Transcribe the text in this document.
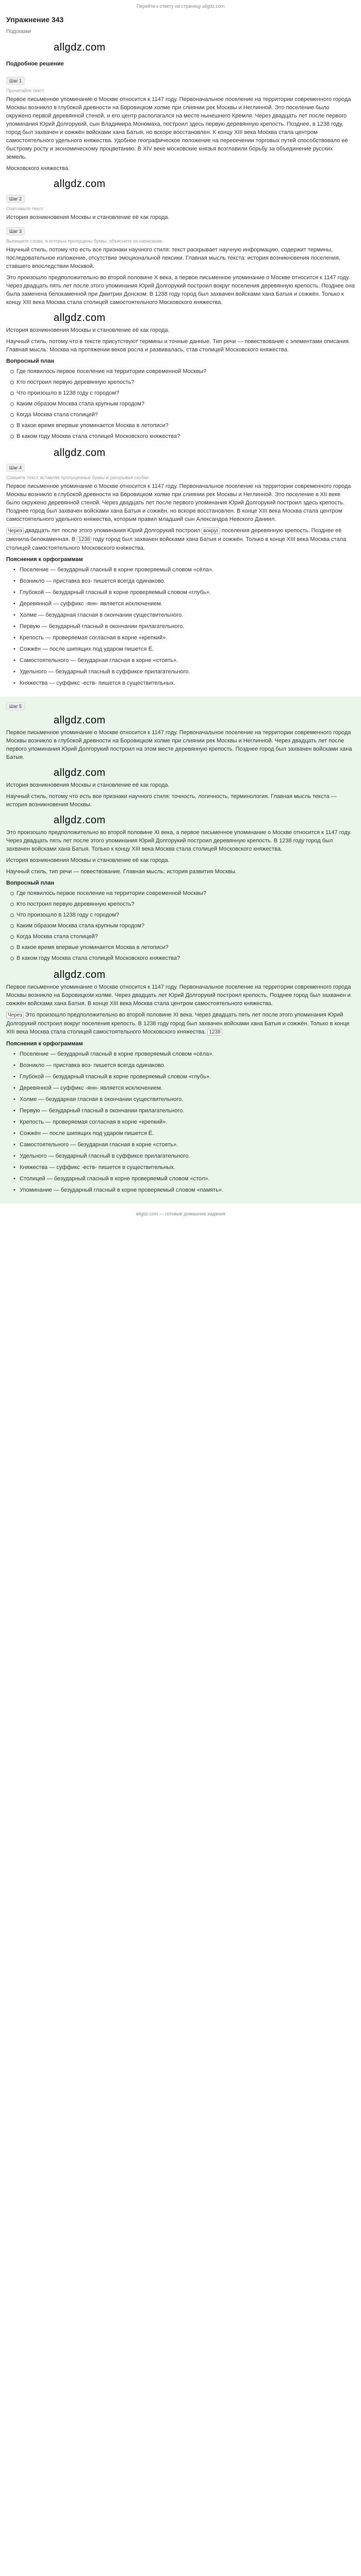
Перейти к ответу на страницу allgdz.com
Упражнение 343
Подсказки
allgdz.com
Подробное решение
Шаг 1
Прочитайте текст.

Первое письменное упоминание о Москве относится к 1147 году. Первоначальное поселение на территории современного города Москвы возникло в глубокой древности на Боровицком холме при слиянии рек Москвы и Неглинной. Это поселение было окружено первой деревянной стеной, и его центр располагался на месте нынешнего Кремля. Через двадцать лет после первого упоминания Юрий Долгорукий, сын Владимира Мономаха, построил здесь первую деревянную крепость. Позднее, в 1238 году, город был захвачен и сожжён войсками хана Батыя, но вскоре восстановлен. К концу XIII века Москва стала центром самостоятельного удельного княжества. Удобное географическое положение на пересечении торговых путей способствовало её быстрому росту и экономическому процветанию. В XIV веке московские князья возглавили борьбу за объединение русских земель.

Московского княжества.

allgdz.com
Шаг 2
Озаглавьте текст.

История возникновения Москвы и становление её как города.

Шаг 3
Выпишите слова, в которых пропущены буквы, объясните их написание.

Научный стиль, потому что есть все признаки научного стиля: текст раскрывает научную информацию, содержит термины, последовательное изложение, отсутствие эмоциональной лексики. Главная мысль текста: история возникновения поселения, ставшего впоследствии Москвой.

Это произошло предположительно во второй половине X века, а первое письменное упоминание о Москве относится к 1147 году. Через двадцать пять лет после этого упоминания Юрий Долгорукий построил вокруг поселения деревянную крепость. Позднее она была заменена белокаменной при Дмитрии Донском. В 1238 году город был захвачен войсками хана Батыя и сожжён. Только к концу XIII века Москва стала столицей самостоятельного Московского княжества.

allgdz.com

История возникновения Москвы и становление её как города.

Научный стиль, потому что в тексте присутствуют термины и точные данные. Тип речи — повествование с элементами описания. Главная мысль: Москва на протяжении веков росла и развивалась, став столицей Московского княжества.

Вопросный план
Где появилось первое поселение на территории современной Москвы?
Кто построил первую деревянную крепость?
Что произошло в 1238 году с городом?
Каким образом Москва стала крупным городом?
Когда Москва стала столицей?
В какое время впервые упоминается Москва в летописи?
В каком году Москва стала столицей Московского княжества?
allgdz.com
Шаг 4
Спишите текст, вставляя пропущенные буквы и раскрывая скобки.

Первое письменное упоминание о Москве относится к 1147 году. Первоначальное поселение на территории современного города Москвы возникло в глубокой древности на Боровицком холме при слиянии рек Москвы и Неглинной. Это поселение в XII веке было окружено деревянной стеной. Через двадцать лет после первого упоминания Юрий Долгорукий построил здесь крепость. Позднее город был захвачен войсками хана Батыя и сожжён, но вскоре восстановлен. В конце XIII века Москва стала центром самостоятельного удельного княжества, которым правил младший сын Александра Невского Даниил.

Через двадцать лет после этого упоминания Юрий Долгорукий построил вокруг поселения деревянную крепость. Позднее её сменила белокаменная. В 1238 году город был захвачен войсками хана Батыя и сожжён. Только в конце XIII века Москва стала столицей самостоятельного Московского княжества.

Пояснения к орфограммам
• Поселение — безударный гласный в корне проверяемый словом «сёла».
• Возникло — приставка воз- пишется всегда одинаково.
• Глубокой — безударный гласный в корне проверяемый словом «глубь».
• Деревянной — суффикс -янн- является исключением.
• Холме — безударная гласная в окончании существительного.
• Первую — безударный гласный в окончании прилагательного.
• Крепость — проверяемая согласная в корне «крепкий».
• Сожжён — после шипящих под ударом пишется Ё.
• Самостоятельного — безударная гласная в корне «стоять».
• Удельного — безударный гласный в суффиксе прилагательного.
• Княжества — суффикс -еств- пишется в существительных.
Шаг 5
allgdz.com

Первое письменное упоминание о Москве относится к 1147 году. Первоначальное поселение на территории современного города Москвы возникло в глубокой древности на Боровицком холме при слиянии рек Москвы и Неглинной. Через двадцать лет после первого упоминания Юрий Долгорукий построил на этом месте деревянную крепость. Позднее город был захвачен войсками хана Батыя.

allgdz.com

История возникновения Москвы и становление её как города.

Научный стиль, потому что есть все признаки научного стиля: точность, логичность, терминология. Главная мысль текста — история возникновения Москвы.

allgdz.com

Это произошло предположительно во второй половине XI века, а первое письменное упоминание о Москве относится к 1147 году. Через двадцать пять лет после этого упоминания Юрий Долгорукий построил деревянную крепость. В 1238 году город был захвачен войсками хана Батыя. Только к концу XIII века Москва стала столицей Московского княжества.

История возникновения Москвы и становление её как города.

Научный стиль, тип речи — повествование. Главная мысль: история развития Москвы.

Вопросный план
Где появилось первое поселение на территории современной Москвы?
Кто построил первую деревянную крепость?
Что произошло в 1238 году с городом?
Каким образом Москва стала крупным городом?
Когда Москва стала столицей?
В какое время впервые упоминается Москва в летописи?
В каком году Москва стала столицей Московского княжества?
allgdz.com

Первое письменное упоминание о Москве относится к 1147 году. Первоначальное поселение на территории современного города Москвы возникло на Боровицком холме. Через двадцать лет Юрий Долгорукий построил крепость. Позднее город был захвачен и сожжён войсками хана Батыя. В конце XIII века Москва стала центром самостоятельного княжества.

Через Это произошло предположительно во второй половине XI века. Через двадцать пять лет после этого упоминания Юрий Долгорукий построил вокруг поселения крепость. В 1238 году город был захвачен войсками хана Батыя и сожжён. Только в конце XIII века Москва стала столицей самостоятельного Московского княжества. 1238

Пояснения к орфограммам
• Поселение — безударный гласный в корне проверяемый словом «сёла».
• Возникло — приставка воз- пишется всегда одинаково.
• Глубокой — безударный гласный в корне проверяемый словом «глубь».
• Деревянной — суффикс -янн- является исключением.
• Холме — безударная гласная в окончании существительного.
• Первую — безударный гласный в окончании прилагательного.
• Крепость — проверяемая согласная в корне «крепкий».
• Сожжён — после шипящих под ударом пишется Ё.
• Самостоятельного — безударная гласная в корне «стоять».
• Удельного — безударный гласный в суффиксе прилагательного.
• Княжества — суффикс -еств- пишется в существительных.
• Столицей — безударный гласный в корне проверяемый словом «стол».
• Упоминание — безударный гласный в корне проверяемый словом «память».
allgdz.com — готовые домашние задания
